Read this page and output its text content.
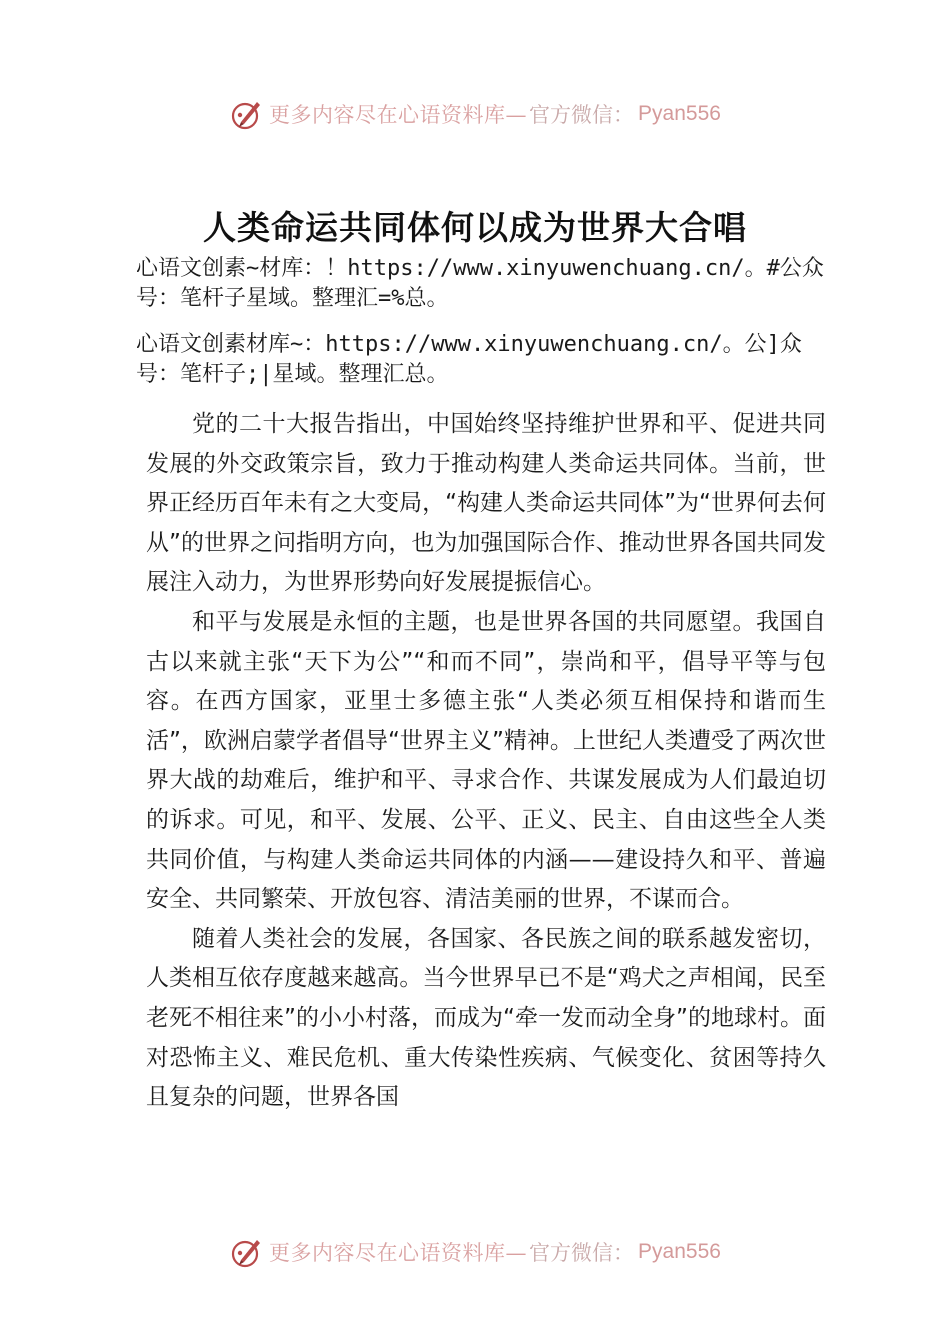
更多内容尽在心语资料库— 官方微信： Pyan556
人类命运共同体何以成为世界大合唱
心语文创素~材库：！https://www.xinyuwenchuang.cn/。#公众号：笔杆子星域。整理汇=%总。
心语文创素材库~：https://www.xinyuwenchuang.cn/。公]众号：笔杆子;|星域。整理汇总。

党的二十大报告指出，中国始终坚持维护世界和平、促进共同发展的外交政策宗旨，致力于推动构建人类命运共同体。当前，世界正经历百年未有之大变局，“构建人类命运共同体”为“世界何去何从”的世界之问指明方向，也为加强国际合作、推动世界各国共同发展注入动力，为世界形势向好发展提振信心。

和平与发展是永恒的主题，也是世界各国的共同愿望。我国自古以来就主张“天下为公”“和而不同”，崇尚和平，倡导平等与包容。在西方国家，亚里士多德主张“人类必须互相保持和谐而生活”，欧洲启蒙学者倡导“世界主义”精神。上世纪人类遭受了两次世界大战的劫难后，维护和平、寻求合作、共谋发展成为人们最迫切的诉求。可见，和平、发展、公平、正义、民主、自由这些全人类共同价值，与构建人类命运共同体的内涵——建设持久和平、普遍安全、共同繁荣、开放包容、清洁美丽的世界，不谋而合。

随着人类社会的发展，各国家、各民族之间的联系越发密切，人类相互依存度越来越高。当今世界早已不是“鸡犬之声相闻，民至老死不相往来”的小小村落，而成为“牵一发而动全身”的地球村。面对恐怖主义、难民危机、重大传染性疾病、气候变化、贫困等持久且复杂的问题，世界各国

更多内容尽在心语资料库— 官方微信： Pyan556
